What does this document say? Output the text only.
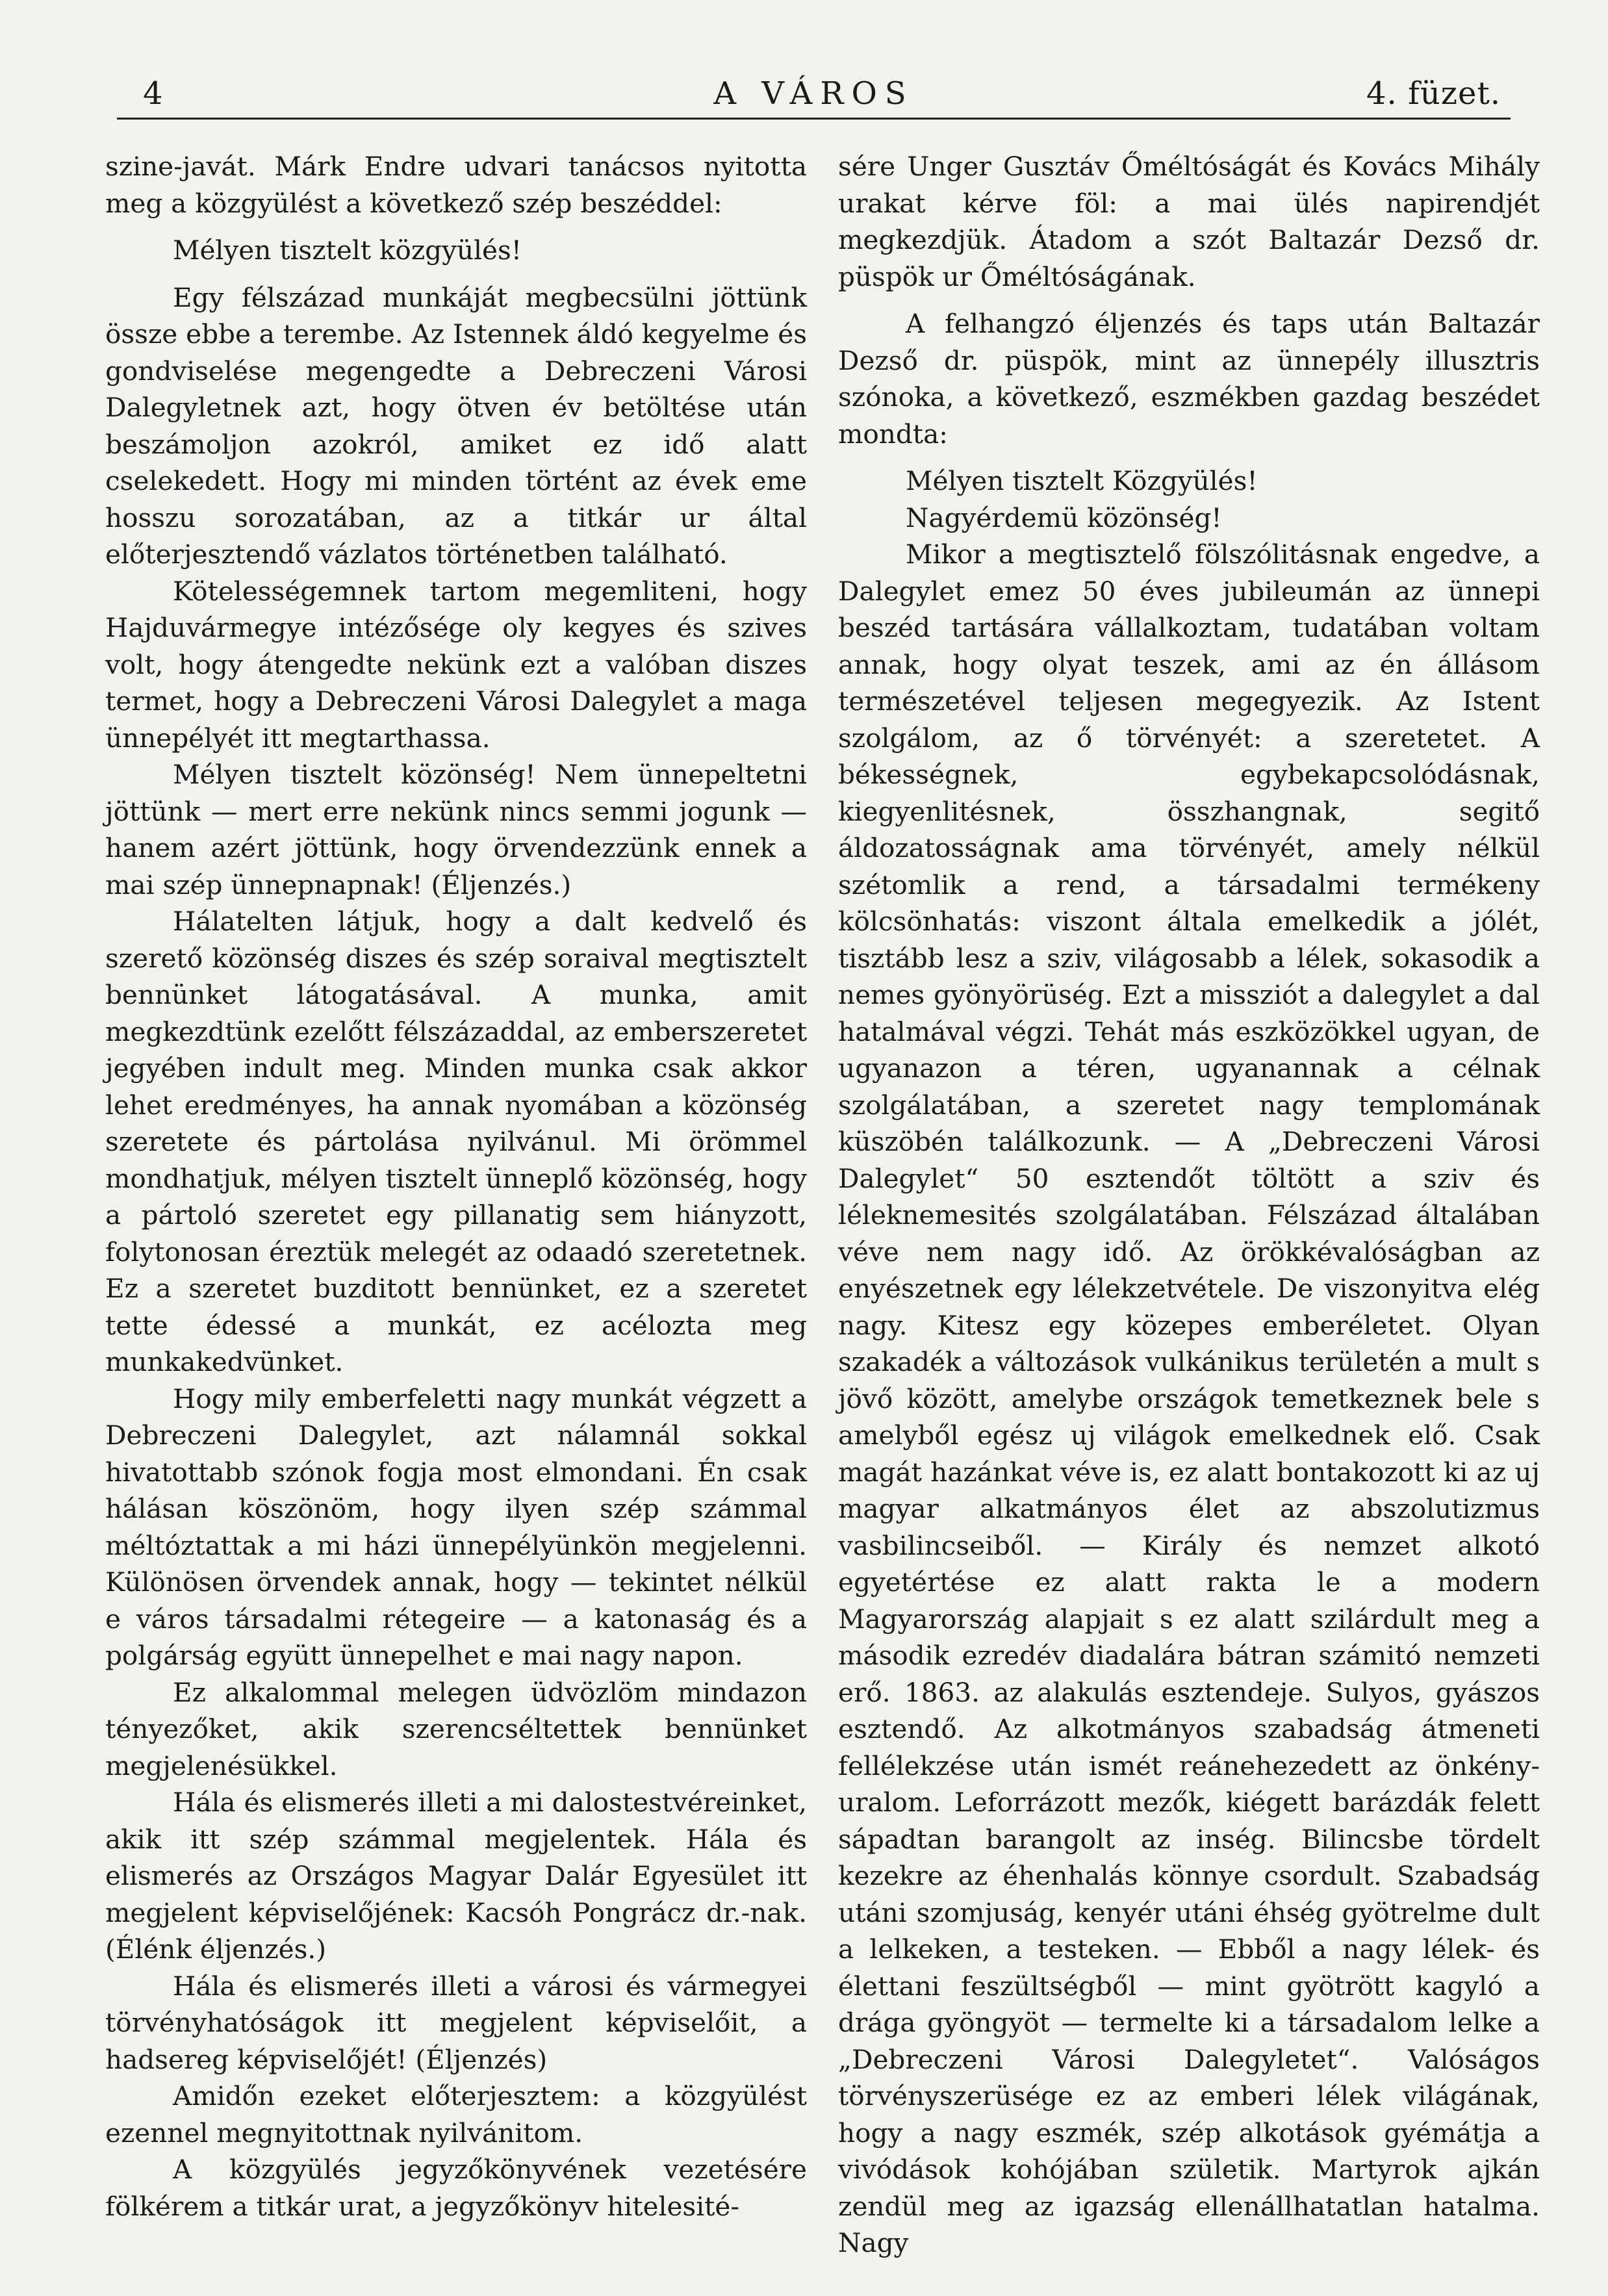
4	A VÁROS	4. füzet.

szine-javát. Márk Endre udvari tanácsos nyitotta meg a közgyülést a következő szép beszéddel:

Mélyen tisztelt közgyülés!

Egy félszázad munkáját megbecsülni jöttünk össze ebbe a terembe. Az Istennek áldó kegyelme és gondviselése megengedte a Debreczeni Városi Dalegyletnek azt, hogy ötven év betöltése után beszámoljon azokról, amiket ez idő alatt cselekedett. Hogy mi minden történt az évek eme hosszu sorozatában, az a titkár ur által előterjesztendő vázlatos történetben található.

Kötelességemnek tartom megemliteni, hogy Hajduvármegye intézősége oly kegyes és szives volt, hogy átengedte nekünk ezt a valóban diszes termet, hogy a Debreczeni Városi Dalegylet a maga ünnepélyét itt megtarthassa.

Mélyen tisztelt közönség! Nem ünnepeltetni jöttünk — mert erre nekünk nincs semmi jogunk — hanem azért jöttünk, hogy örvendezzünk ennek a mai szép ünnepnapnak! (Éljenzés.)

Hálatelten látjuk, hogy a dalt kedvelő és szerető közönség diszes és szép soraival megtisztelt bennünket látogatásával. A munka, amit megkezdtünk ezelőtt félszázaddal, az emberszeretet jegyében indult meg. Minden munka csak akkor lehet eredményes, ha annak nyomában a közönség szeretete és pártolása nyilvánul. Mi örömmel mondhatjuk, mélyen tisztelt ünneplő közönség, hogy a pártoló szeretet egy pillanatig sem hiányzott, folytonosan éreztük melegét az odaadó szeretetnek. Ez a szeretet buzditott bennünket, ez a szeretet tette édessé a munkát, ez acélozta meg munkakedvünket.

Hogy mily emberfeletti nagy munkát végzett a Debreczeni Dalegylet, azt nálamnál sokkal hivatottabb szónok fogja most elmondani. Én csak hálásan köszönöm, hogy ilyen szép számmal méltóztattak a mi házi ünnepélyünkön megjelenni. Különösen örvendek annak, hogy — tekintet nélkül e város társadalmi rétegeire — a katonaság és a polgárság együtt ünnepelhet e mai nagy napon.

Ez alkalommal melegen üdvözlöm mindazon tényezőket, akik szerencséltettek bennünket megjelenésükkel.

Hála és elismerés illeti a mi dalostestvéreinket, akik itt szép számmal megjelentek. Hála és elismerés az Országos Magyar Dalár Egyesület itt megjelent képviselőjének: Kacsóh Pongrácz dr.-nak. (Élénk éljenzés.)

Hála és elismerés illeti a városi és vármegyei törvényhatóságok itt megjelent képviselőit, a hadsereg képviselőjét! (Éljenzés)

Amidőn ezeket előterjesztem: a közgyülést ezennel megnyitottnak nyilvánitom.

A közgyülés jegyzőkönyvének vezetésére fölkérem a titkár urat, a jegyzőkönyv hitelesité-

sére Unger Gusztáv Őméltóságát és Kovács Mihály urakat kérve föl: a mai ülés napirendjét megkezdjük. Átadom a szót Baltazár Dezső dr. püspök ur Őméltóságának.

A felhangzó éljenzés és taps után Baltazár Dezső dr. püspök, mint az ünnepély illusztris szónoka, a következő, eszmékben gazdag beszédet mondta:

Mélyen tisztelt Közgyülés!

Nagyérdemü közönség!

Mikor a megtisztelő fölszólitásnak engedve, a Dalegylet emez 50 éves jubileumán az ünnepi beszéd tartására vállalkoztam, tudatában voltam annak, hogy olyat teszek, ami az én állásom természetével teljesen megegyezik. Az Istent szolgálom, az ő törvényét: a szeretetet. A békességnek, egybekapcsolódásnak, kiegyenlitésnek, összhangnak, segitő áldozatosságnak ama törvényét, amely nélkül szétomlik a rend, a társadalmi termékeny kölcsönhatás: viszont általa emelkedik a jólét, tisztább lesz a sziv, világosabb a lélek, sokasodik a nemes gyönyörüség. Ezt a missziót a dalegylet a dal hatalmával végzi. Tehát más eszközökkel ugyan, de ugyanazon a téren, ugyanannak a célnak szolgálatában, a szeretet nagy templomának küszöbén találkozunk. — A „Debreczeni Városi Dalegylet“ 50 esztendőt töltött a sziv és léleknemesités szolgálatában. Félszázad általában véve nem nagy idő. Az örökkévalóságban az enyészetnek egy lélekzetvétele. De viszonyitva elég nagy. Kitesz egy közepes emberéletet. Olyan szakadék a változások vulkánikus területén a mult s jövő között, amelybe országok temetkeznek bele s amelyből egész uj világok emelkednek elő. Csak magát hazánkat véve is, ez alatt bontakozott ki az uj magyar alkatmányos élet az abszolutizmus vasbilincseiből. — Király és nemzet alkotó egyetértése ez alatt rakta le a modern Magyarország alapjait s ez alatt szilárdult meg a második ezredév diadalára bátran számitó nemzeti erő. 1863. az alakulás esztendeje. Sulyos, gyászos esztendő. Az alkotmányos szabadság átmeneti fellélekzése után ismét reánehezedett az önkény-uralom. Leforrázott mezők, kiégett barázdák felett sápadtan barangolt az inség. Bilincsbe tördelt kezekre az éhenhalás könnye csordult. Szabadság utáni szomjuság, kenyér utáni éhség gyötrelme dult a lelkeken, a testeken. — Ebből a nagy lélek- és élettani feszültségből — mint gyötrött kagyló a drága gyöngyöt — termelte ki a társadalom lelke a „Debreczeni Városi Dalegyletet“. Valóságos törvényszerüsége ez az emberi lélek világának, hogy a nagy eszmék, szép alkotások gyémátja a vivódások kohójában születik. Martyrok ajkán zendül meg az igazság ellenállhatatlan hatalma. Nagy
